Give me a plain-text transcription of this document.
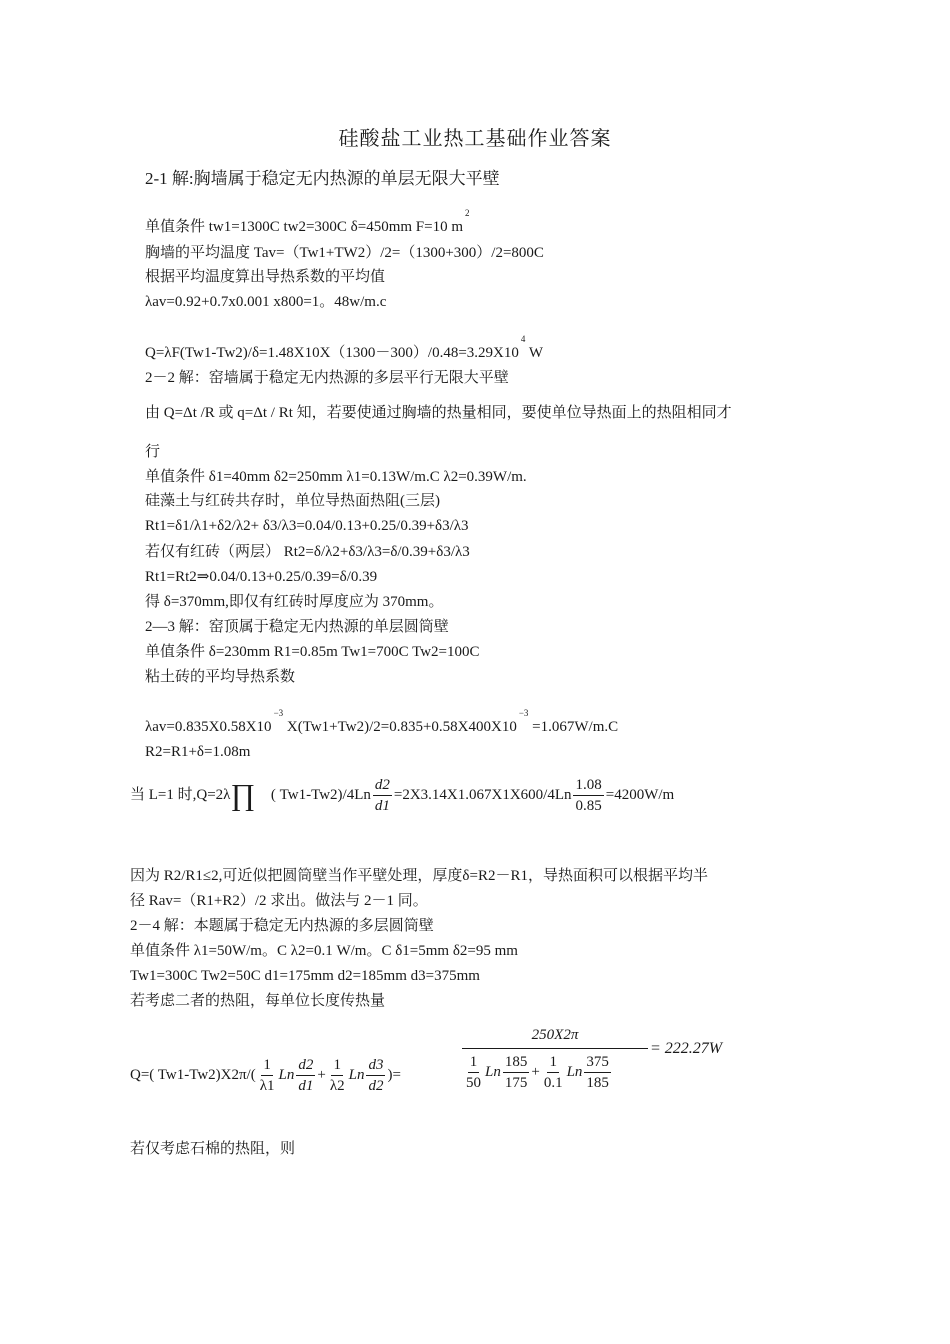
硅酸盐工业热工基础作业答案
2-1 解:胸墙属于稳定无内热源的单层无限大平壁
单值条件 tw1=1300C tw2=300C δ=450mm F=10 $m^2$
胸墙的平均温度 Tav=（Tw1+TW2）/2=（1300+300）/2=800C
根据平均温度算出导热系数的平均值
λav=0.92+0.7x0.001 x800=1。48w/m.c
$Q=\lambda F(Tw1-Tw2)/\delta=1.48X10X(1300-300)/0.48=3.29X10^4$ W
2－2 解：窑墙属于稳定无内热源的多层平行无限大平壁
由 Q=Δt /R 或 q=Δt / Rt 知，若要使通过胸墙的热量相同，要使单位导热面上的热阻相同才
行
单值条件 δ1=40mm δ2=250mm λ1=0.13W/m.C λ2=0.39W/m.
硅藻土与红砖共存时，单位导热面热阻(三层)
Rt1=δ1/λ1+δ2/λ2+ δ3/λ3=0.04/0.13+0.25/0.39+δ3/λ3
若仅有红砖（两层） Rt2=δ/λ2+δ3/λ3=δ/0.39+δ3/λ3
Rt1=Rt2⇒0.04/0.13+0.25/0.39=δ/0.39
得 δ=370mm,即仅有红砖时厚度应为 370mm。
2—3 解：窑顶属于稳定无内热源的单层圆筒壁
单值条件 δ=230mm R1=0.85m Tw1=700C Tw2=100C
粘土砖的平均导热系数
$\lambda av=0.835X0.58X10^{-3}$ $X(Tw1+Tw2)/2=0.835+0.58X400X10^{-3} =1.067W/m.C$
R2=R1+δ=1.08m
当 L=1 时,Q=2λ∏ ( $Tw1-Tw2)/4Ln \frac{d2}{d1} =2X3.14X1.067X1X600/4Ln \frac{1.08}{0.85} =4200W/m$
因为 R2/R1≤2,可近似把圆筒壁当作平壁处理，厚度δ=R2－R1，导热面积可以根据平均半
径 Rav=（R1+R2）/2 求出。做法与 2－1 同。
2－4 解：本题属于稳定无内热源的多层圆筒壁
单值条件 λ1=50W/m。C λ2=0.1 W/m。C δ1=5mm δ2=95 mm
Tw1=300C Tw2=50C d1=175mm d2=185mm d3=375mm
若考虑二者的热阻，每单位长度传热量
Q=( $Tw1-Tw2)X2\pi/( \frac{1}{\lambda 1}$ Ln $\frac{d2}{d1} + \frac{1}{\lambda 2}$ Ln $\frac{d3}{d2}$ )=	$\frac{250X2\pi}{\frac{1}{50} Ln \frac{185}{175} + \frac{1}{0.1} Ln \frac{375}{185}} = 222.27W$
若仅考虑石棉的热阻，则
